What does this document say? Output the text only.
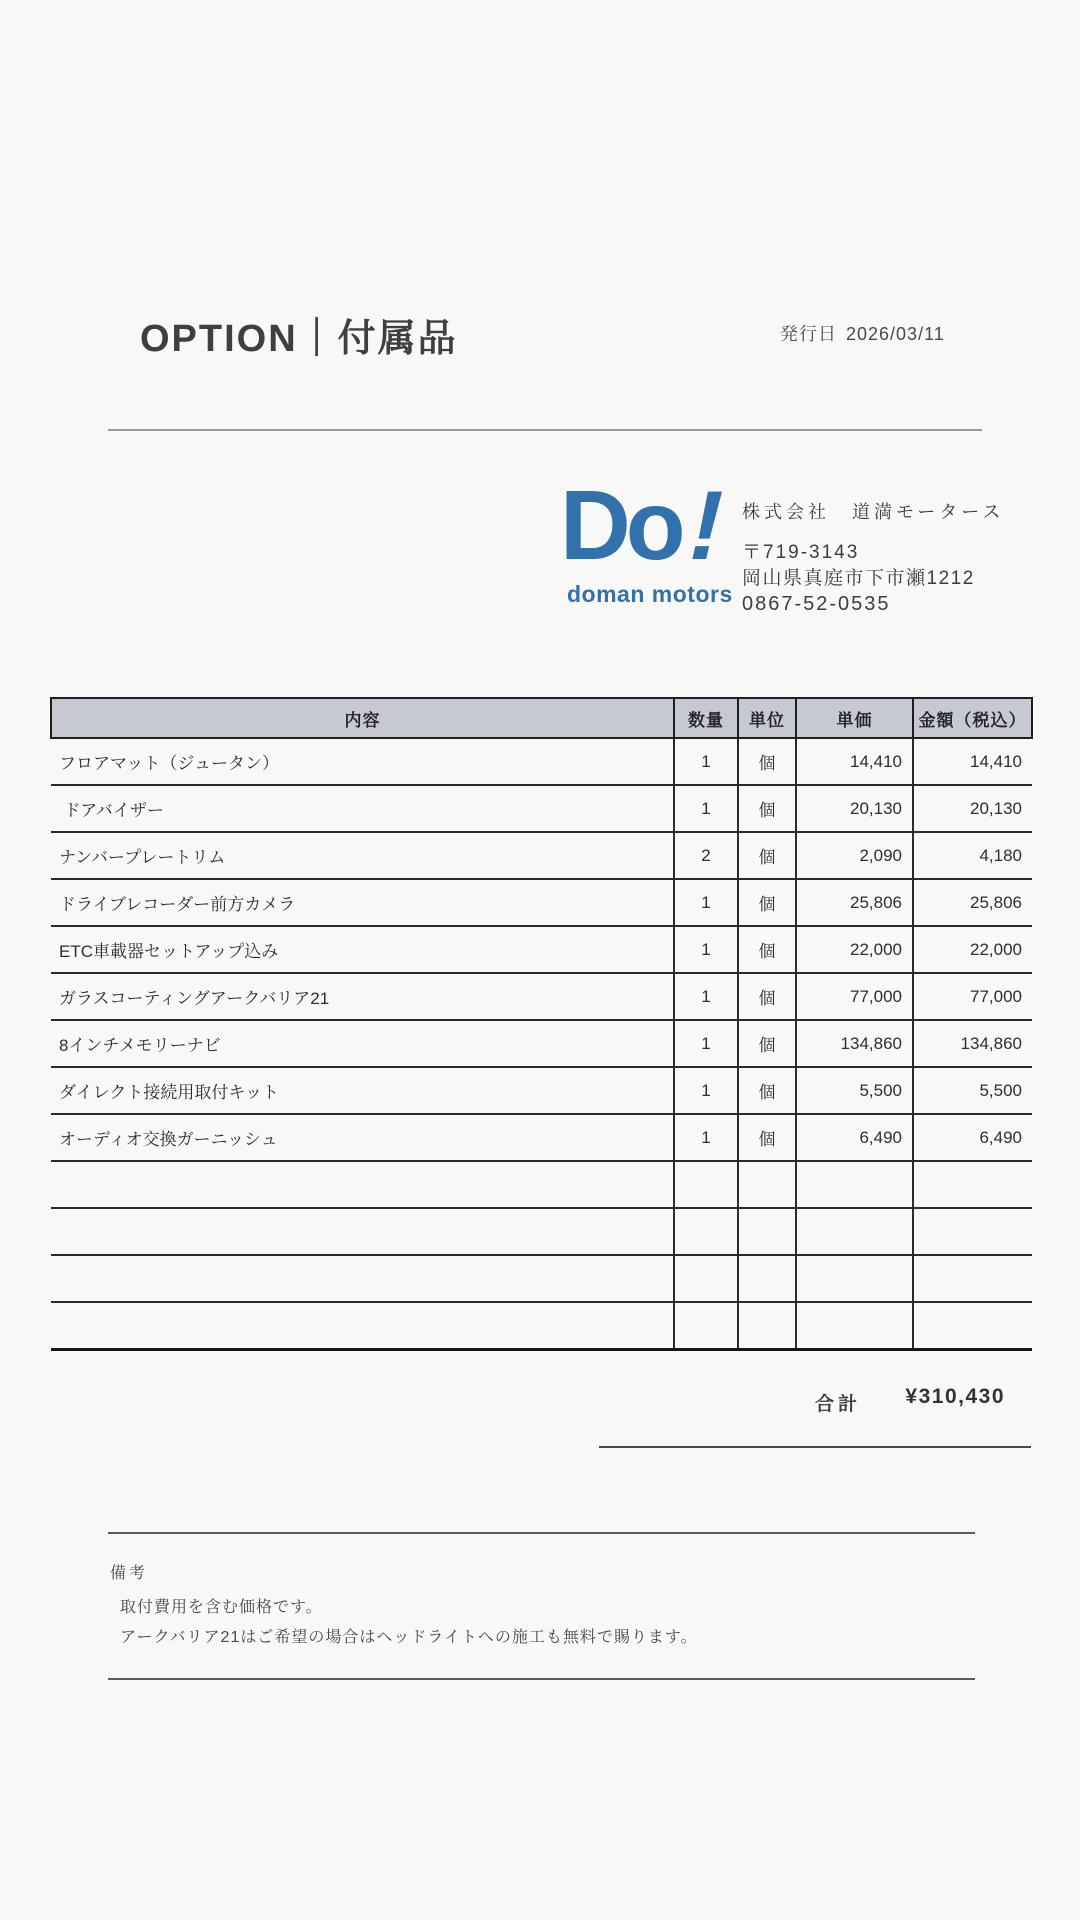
OPTION｜付属品	発行日 2026/03/11
Do!
doman motors
株式会社　道満モータース
〒719-3143
岡山県真庭市下市瀬1212
0867-52-0535
内容	数量	単位	単価	金額（税込）
フロアマット（ジュータン）	1	個	14,410	14,410
ドアバイザー	1	個	20,130	20,130
ナンバープレートリム	2	個	2,090	4,180
ドライブレコーダー前方カメラ	1	個	25,806	25,806
ETC車載器セットアップ込み	1	個	22,000	22,000
ガラスコーティングアークバリア21	1	個	77,000	77,000
8インチメモリーナビ	1	個	134,860	134,860
ダイレクト接続用取付キット	1	個	5,500	5,500
オーディオ交換ガーニッシュ	1	個	6,490	6,490

合計	¥310,430
備考
取付費用を含む価格です。
アークバリア21はご希望の場合はヘッドライトへの施工も無料で賜ります。
